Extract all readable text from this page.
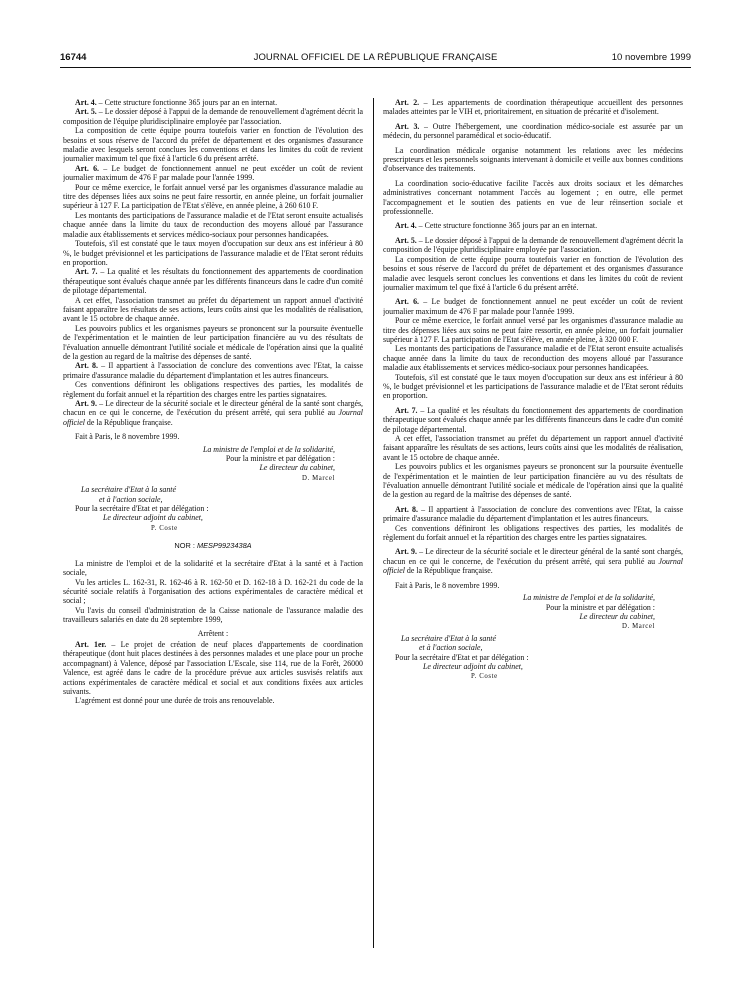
16744	JOURNAL OFFICIEL DE LA RÉPUBLIQUE FRANÇAISE	10 novembre 1999

Art. 4. – Cette structure fonctionne 365 jours par an en internat.

Art. 5. – Le dossier déposé à l'appui de la demande de renouvellement d'agrément décrit la composition de l'équipe pluridisciplinaire employée par l'association.

La composition de cette équipe pourra toutefois varier en fonction de l'évolution des besoins et sous réserve de l'accord du préfet de département et des organismes d'assurance maladie avec lesquels seront conclues les conventions et dans les limites du coût de revient journalier maximum tel que fixé à l'article 6 du présent arrêté.

Art. 6. – Le budget de fonctionnement annuel ne peut excéder un coût de revient journalier maximum de 476 F par malade pour l'année 1999.

Pour ce même exercice, le forfait annuel versé par les organismes d'assurance maladie au titre des dépenses liées aux soins ne peut faire ressortir, en année pleine, un forfait journalier supérieur à 127 F. La participation de l'Etat s'élève, en année pleine, à 260 610 F.

Les montants des participations de l'assurance maladie et de l'Etat seront ensuite actualisés chaque année dans la limite du taux de reconduction des moyens alloué par l'assurance maladie aux établissements et services médico-sociaux pour personnes handicapées.

Toutefois, s'il est constaté que le taux moyen d'occupation sur deux ans est inférieur à 80 %, le budget prévisionnel et les participations de l'assurance maladie et de l'Etat seront réduits en proportion.

Art. 7. – La qualité et les résultats du fonctionnement des appartements de coordination thérapeutique sont évalués chaque année par les différents financeurs dans le cadre d'un comité de pilotage départemental.

A cet effet, l'association transmet au préfet du département un rapport annuel d'activité faisant apparaître les résultats de ses actions, leurs coûts ainsi que les modalités de réalisation, avant le 15 octobre de chaque année.

Les pouvoirs publics et les organismes payeurs se prononcent sur la poursuite éventuelle de l'expérimentation et le maintien de leur participation financière au vu des résultats de l'évaluation annuelle démontrant l'utilité sociale et médicale de l'opération ainsi que la qualité de la gestion au regard de la maîtrise des dépenses de santé.

Art. 8. – Il appartient à l'association de conclure des conventions avec l'Etat, la caisse primaire d'assurance maladie du département d'implantation et les autres financeurs.

Ces conventions définiront les obligations respectives des parties, les modalités de règlement du forfait annuel et la répartition des charges entre les parties signataires.

Art. 9. – Le directeur de la sécurité sociale et le directeur général de la santé sont chargés, chacun en ce qui le concerne, de l'exécution du présent arrêté, qui sera publié au Journal officiel de la République française.

Fait à Paris, le 8 novembre 1999.

La ministre de l'emploi et de la solidarité,

Pour la ministre et par délégation :

Le directeur du cabinet,

D. Marcel

La secrétaire d'Etat à la santé

et à l'action sociale,

Pour la secrétaire d'Etat et par délégation :

Le directeur adjoint du cabinet,

P. Coste

NOR : MESP9923438A

La ministre de l'emploi et de la solidarité et la secrétaire d'Etat à la santé et à l'action sociale,

Vu les articles L. 162-31, R. 162-46 à R. 162-50 et D. 162-18 à D. 162-21 du code de la sécurité sociale relatifs à l'organisation des actions expérimentales de caractère médical et social ;

Vu l'avis du conseil d'administration de la Caisse nationale de l'assurance maladie des travailleurs salariés en date du 28 septembre 1999,

Arrêtent :

Art. 1er. – Le projet de création de neuf places d'appartements de coordination thérapeutique (dont huit places destinées à des personnes malades et une place pour un proche accompagnant) à Valence, déposé par l'association L'Escale, sise 114, rue de la Forêt, 26000 Valence, est agréé dans le cadre de la procédure prévue aux articles susvisés relatifs aux actions expérimentales de caractère médical et social et aux conditions fixées aux articles suivants.

L'agrément est donné pour une durée de trois ans renouvelable.

Art. 2. – Les appartements de coordination thérapeutique accueillent des personnes malades atteintes par le VIH et, prioritairement, en situation de précarité et d'isolement.

Art. 3. – Outre l'hébergement, une coordination médico-sociale est assurée par un médecin, du personnel paramédical et socio-éducatif.

La coordination médicale organise notamment les relations avec les médecins prescripteurs et les personnels soignants intervenant à domicile et veille aux bonnes conditions d'observance des traitements.

La coordination socio-éducative facilite l'accès aux droits sociaux et les démarches administratives concernant notamment l'accès au logement ; en outre, elle permet l'accompagnement et le soutien des patients en vue de leur réinsertion sociale et professionnelle.

Art. 4. – Cette structure fonctionne 365 jours par an en internat.

Art. 5. – Le dossier déposé à l'appui de la demande de renouvellement d'agrément décrit la composition de l'équipe pluridisciplinaire employée par l'association.

La composition de cette équipe pourra toutefois varier en fonction de l'évolution des besoins et sous réserve de l'accord du préfet de département et des organismes d'assurance maladie avec lesquels seront conclues les conventions et dans les limites du coût de revient journalier maximum tel que fixé à l'article 6 du présent arrêté.

Art. 6. – Le budget de fonctionnement annuel ne peut excéder un coût de revient journalier maximum de 476 F par malade pour l'année 1999.

Pour ce même exercice, le forfait annuel versé par les organismes d'assurance maladie au titre des dépenses liées aux soins ne peut faire ressortir, en année pleine, un forfait journalier supérieur à 127 F. La participation de l'Etat s'élève, en année pleine, à 320 000 F.

Les montants des participations de l'assurance maladie et de l'Etat seront ensuite actualisés chaque année dans la limite du taux de reconduction des moyens alloué par l'assurance maladie aux établissements et services médico-sociaux pour personnes handicapées.

Toutefois, s'il est constaté que le taux moyen d'occupation sur deux ans est inférieur à 80 %, le budget prévisionnel et les participations de l'assurance maladie et de l'Etat seront réduits en proportion.

Art. 7. – La qualité et les résultats du fonctionnement des appartements de coordination thérapeutique sont évalués chaque année par les différents financeurs dans le cadre d'un comité de pilotage départemental.

A cet effet, l'association transmet au préfet du département un rapport annuel d'activité faisant apparaître les résultats de ses actions, leurs coûts ainsi que les modalités de réalisation, avant le 15 octobre de chaque année.

Les pouvoirs publics et les organismes payeurs se prononcent sur la poursuite éventuelle de l'expérimentation et le maintien de leur participation financière au vu des résultats de l'évaluation annuelle démontrant l'utilité sociale et médicale de l'opération ainsi que la qualité de la gestion au regard de la maîtrise des dépenses de santé.

Art. 8. – Il appartient à l'association de conclure des conventions avec l'Etat, la caisse primaire d'assurance maladie du département d'implantation et les autres financeurs.

Ces conventions définiront les obligations respectives des parties, les modalités de règlement du forfait annuel et la répartition des charges entre les parties signataires.

Art. 9. – Le directeur de la sécurité sociale et le directeur général de la santé sont chargés, chacun en ce qui le concerne, de l'exécution du présent arrêté, qui sera publié au Journal officiel de la République française.

Fait à Paris, le 8 novembre 1999.

La ministre de l'emploi et de la solidarité,

Pour la ministre et par délégation :

Le directeur du cabinet,

D. Marcel

La secrétaire d'Etat à la santé

et à l'action sociale,

Pour la secrétaire d'Etat et par délégation :

Le directeur adjoint du cabinet,

P. Coste
